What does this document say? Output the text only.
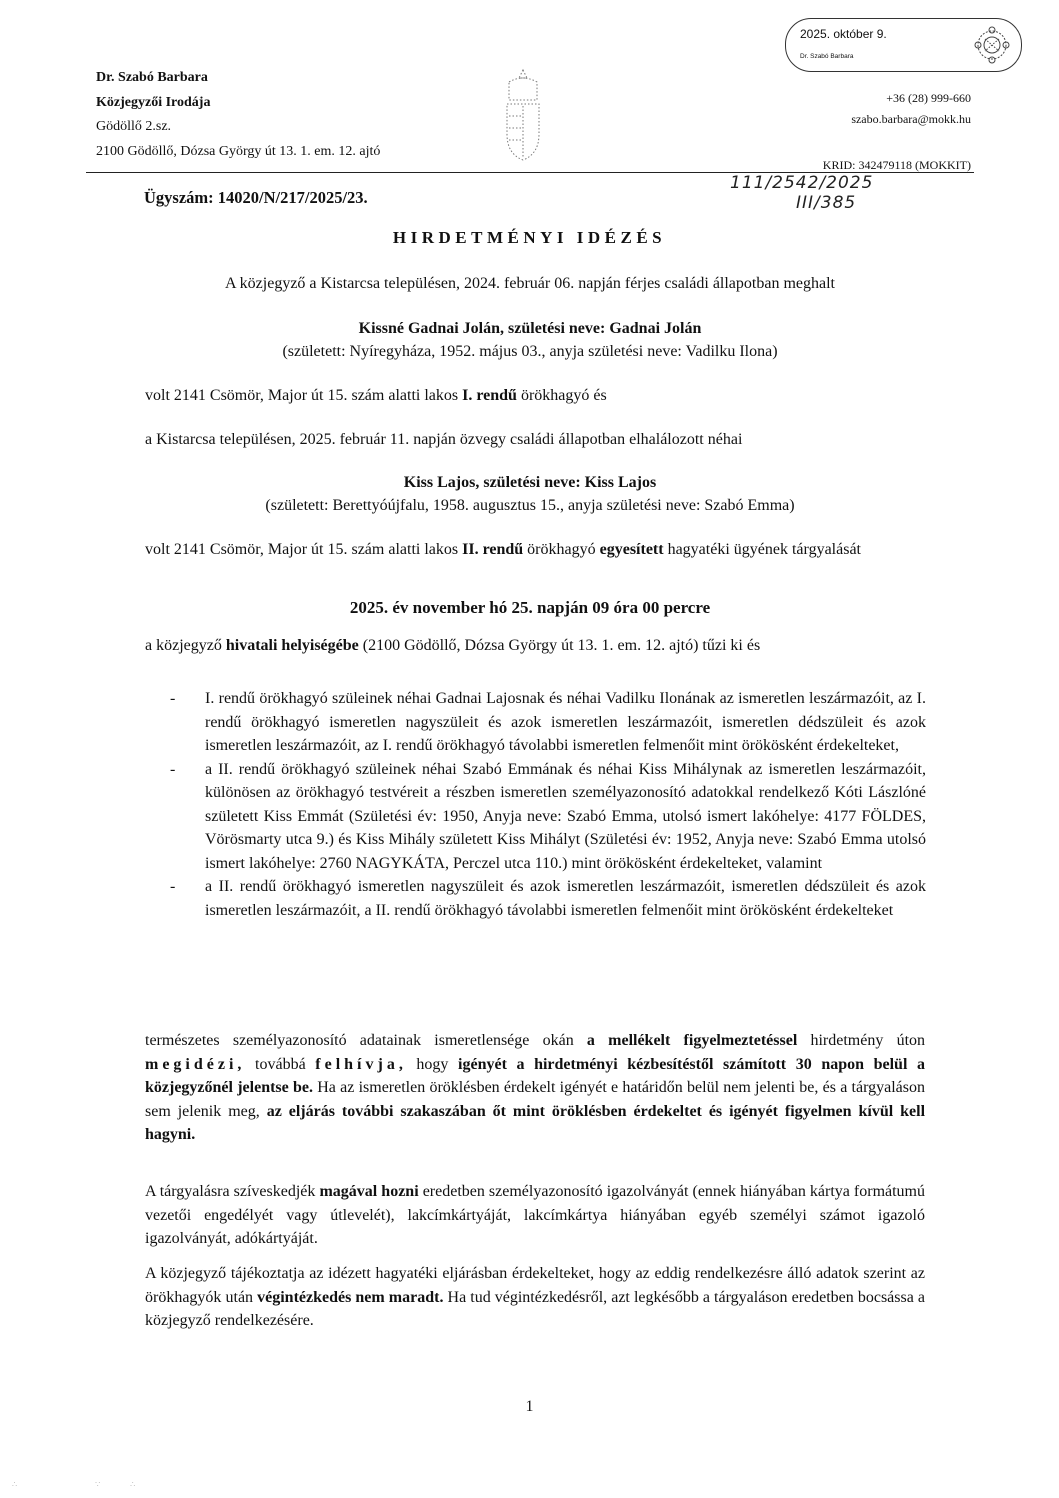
Dr. Szabó Barbara
Közjegyzői Irodája
Gödöllő 2.sz.
2100 Gödöllő, Dózsa György út 13. 1. em. 12. ajtó
2025. október 9.
Dr. Szabó Barbara
+36 (28) 999-660
szabo.barbara@mokk.hu
KRID: 342479118 (MOKKIT)
111/2542/2025
III/385
Ügyszám: 14020/N/217/2025/23.
HIRDETMÉNYI IDÉZÉS
A közjegyző a Kistarcsa településen, 2024. február 06. napján férjes családi állapotban meghalt
Kissné Gadnai Jolán, születési neve: Gadnai Jolán
(született: Nyíregyháza, 1952. május 03., anyja születési neve: Vadilku Ilona)
volt 2141 Csömör, Major út 15. szám alatti lakos I. rendű örökhagyó és
a Kistarcsa településen, 2025. február 11. napján özvegy családi állapotban elhalálozott néhai
Kiss Lajos, születési neve: Kiss Lajos
(született: Berettyóújfalu, 1958. augusztus 15., anyja születési neve: Szabó Emma)
volt 2141 Csömör, Major út 15. szám alatti lakos II. rendű örökhagyó egyesített hagyatéki ügyének tárgyalását
2025. év november hó 25. napján 09 óra 00 percre
a közjegyző hivatali helyiségébe (2100 Gödöllő, Dózsa György út 13. 1. em. 12. ajtó) tűzi ki és
- I. rendű örökhagyó szüleinek néhai Gadnai Lajosnak és néhai Vadilku Ilonának az ismeretlen leszármazóit, az I. rendű örökhagyó ismeretlen nagyszüleit és azok ismeretlen leszármazóit, ismeretlen dédszüleit és azok ismeretlen leszármazóit, az I. rendű örökhagyó távolabbi ismeretlen felmenőit mint örökösként érdekelteket,
- a II. rendű örökhagyó szüleinek néhai Szabó Emmának és néhai Kiss Mihálynak az ismeretlen leszármazóit, különösen az örökhagyó testvéreit a részben ismeretlen személyazonosító adatokkal rendelkező Kóti Lászlóné született Kiss Emmát (Születési év: 1950, Anyja neve: Szabó Emma, utolsó ismert lakóhelye: 4177 FÖLDES, Vörösmarty utca 9.) és Kiss Mihály született Kiss Mihályt (Születési év: 1952, Anyja neve: Szabó Emma utolsó ismert lakóhelye: 2760 NAGYKÁTA, Perczel utca 110.) mint örökösként érdekelteket, valamint
- a II. rendű örökhagyó ismeretlen nagyszüleit és azok ismeretlen leszármazóit, ismeretlen dédszüleit és azok ismeretlen leszármazóit, a II. rendű örökhagyó távolabbi ismeretlen felmenőit mint örökösként érdekelteket
természetes személyazonosító adatainak ismeretlensége okán a mellékelt figyelmeztetéssel hirdetmény úton megidézi, továbbá felhívja, hogy igényét a hirdetményi kézbesítéstől számított 30 napon belül a közjegyzőnél jelentse be. Ha az ismeretlen öröklésben érdekelt igényét e határidőn belül nem jelenti be, és a tárgyaláson sem jelenik meg, az eljárás további szakaszában őt mint öröklésben érdekeltet és igényét figyelmen kívül kell hagyni.
A tárgyalásra szíveskedjék magával hozni eredetben személyazonosító igazolványát (ennek hiányában kártya formátumú vezetői engedélyét vagy útlevelét), lakcímkártyáját, lakcímkártya hiányában egyéb személyi számot igazoló igazolványát, adókártyáját.
A közjegyző tájékoztatja az idézett hagyatéki eljárásban érdekelteket, hogy az eddig rendelkezésre álló adatok szerint az örökhagyók után végintézkedés nem maradt. Ha tud végintézkedésről, azt legkésőbb a tárgyaláson eredetben bocsássa a közjegyző rendelkezésére.
1
∴                   ∵       ∴
